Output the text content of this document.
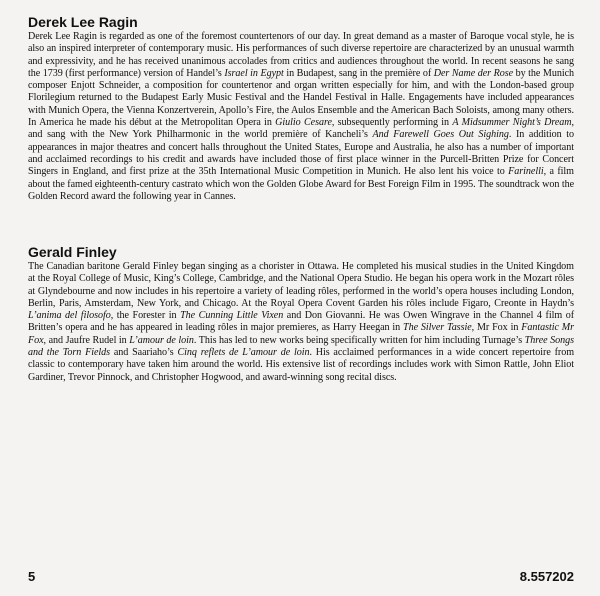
Derek Lee Ragin

Derek Lee Ragin is regarded as one of the foremost countertenors of our day. In great demand as a master of Baroque vocal style, he is also an inspired interpreter of contemporary music. His performances of such diverse repertoire are characterized by an unusual warmth and expressivity, and he has received unanimous accolades from critics and audiences throughout the world. In recent seasons he sang the 1739 (first performance) version of Handel’s Israel in Egypt in Budapest, sang in the première of Der Name der Rose by the Munich composer Enjott Schneider, a composition for countertenor and organ written especially for him, and with the London-based group Florilegium returned to the Budapest Early Music Festival and the Handel Festival in Halle. Engagements have included appearances with Munich Opera, the Vienna Konzertverein, Apollo’s Fire, the Aulos Ensemble and the American Bach Soloists, among many others. In America he made his début at the Metropolitan Opera in Giulio Cesare, subsequently performing in A Midsummer Night’s Dream, and sang with the New York Philharmonic in the world première of Kancheli’s And Farewell Goes Out Sighing. In addition to appearances in major theatres and concert halls throughout the United States, Europe and Australia, he also has a number of important and acclaimed recordings to his credit and awards have included those of first place winner in the Purcell-Britten Prize for Concert Singers in England, and first prize at the 35th International Music Competition in Munich. He also lent his voice to Farinelli, a film about the famed eighteenth-century castrato which won the Golden Globe Award for Best Foreign Film in 1995. The soundtrack won the Golden Record award the following year in Cannes.

Gerald Finley

The Canadian baritone Gerald Finley began singing as a chorister in Ottawa. He completed his musical studies in the United Kingdom at the Royal College of Music, King’s College, Cambridge, and the National Opera Studio. He began his opera work in the Mozart rôles at Glyndebourne and now includes in his repertoire a variety of leading rôles, performed in the world’s opera houses including London, Berlin, Paris, Amsterdam, New York, and Chicago. At the Royal Opera Covent Garden his rôles include Figaro, Creonte in Haydn’s L’anima del filosofo, the Forester in The Cunning Little Vixen and Don Giovanni. He was Owen Wingrave in the Channel 4 film of Britten’s opera and he has appeared in leading rôles in major premieres, as Harry Heegan in The Silver Tassie, Mr Fox in Fantastic Mr Fox, and Jaufre Rudel in L’amour de loin. This has led to new works being specifically written for him including Turnage’s Three Songs and the Torn Fields and Saariaho’s Cinq reflets de L’amour de loin. His acclaimed performances in a wide concert repertoire from classic to contemporary have taken him around the world. His extensive list of recordings includes work with Simon Rattle, John Eliot Gardiner, Trevor Pinnock, and Christopher Hogwood, and award-winning song recital discs.

5	8.557202
